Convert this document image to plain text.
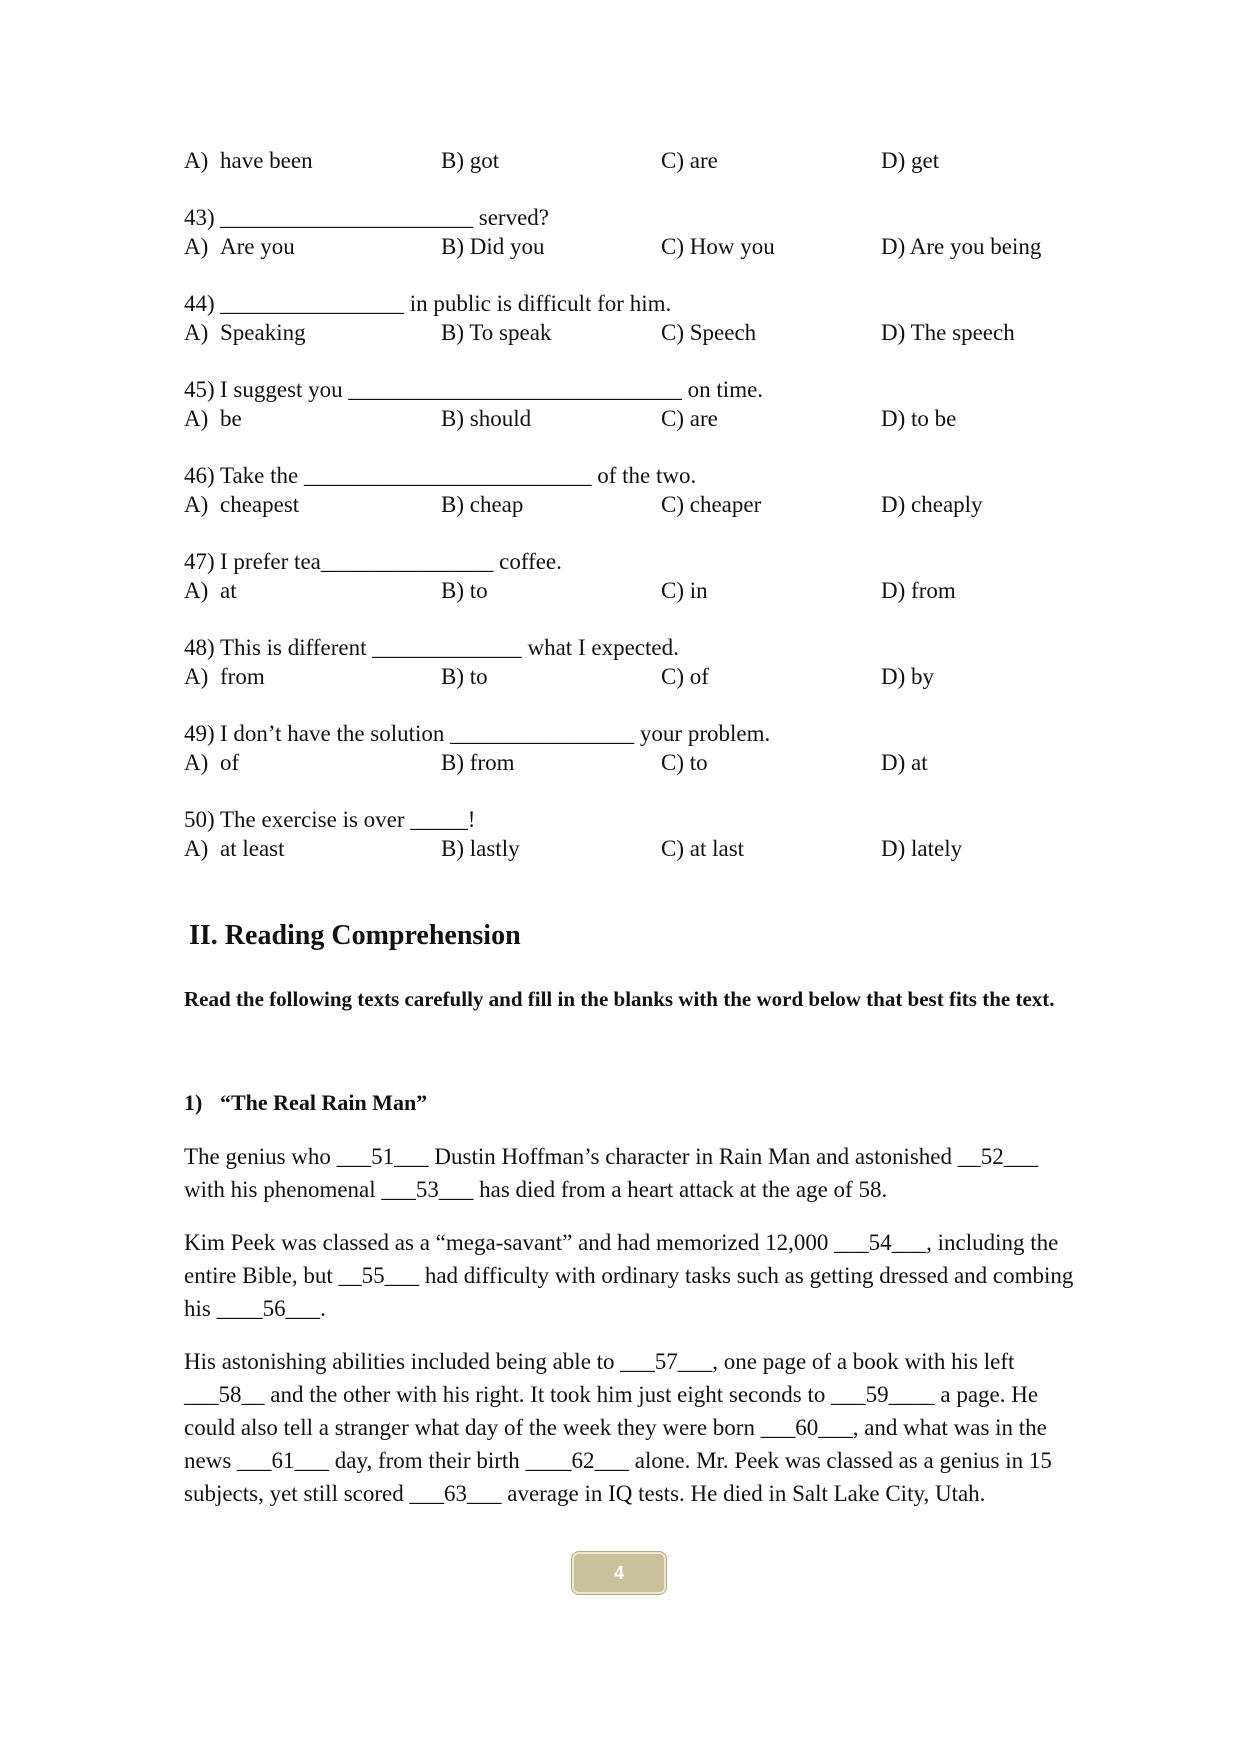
A) have been	B) got	C) are	D) get
43) ______________________ served?
A) Are you	B) Did you	C) How you	D) Are you being
44) ________________ in public is difficult for him.
A) Speaking	B) To speak	C) Speech	D) The speech
45) I suggest you _____________________________ on time.
A) be	B) should	C) are	D) to be
46) Take the _________________________ of the two.
A) cheapest	B) cheap	C) cheaper	D) cheaply
47) I prefer tea_______________ coffee.
A) at	B) to	C) in	D) from
48) This is different _____________ what I expected.
A) from	B) to	C) of	D) by
49) I don’t have the solution ________________ your problem.
A) of	B) from	C) to	D) at
50) The exercise is over _____!
A) at least	B) lastly	C) at last	D) lately
II. Reading Comprehension

Read the following texts carefully and fill in the blanks with the word below that best fits the text.

1) “The Real Rain Man”

The genius who ___51___ Dustin Hoffman’s character in Rain Man and astonished __52___ with his phenomenal ___53___ has died from a heart attack at the age of 58.

Kim Peek was classed as a “mega-savant” and had memorized 12,000 ___54___, including the entire Bible, but __55___ had difficulty with ordinary tasks such as getting dressed and combing his ____56___.

His astonishing abilities included being able to ___57___, one page of a book with his left ___58__ and the other with his right. It took him just eight seconds to ___59____ a page. He could also tell a stranger what day of the week they were born ___60___, and what was in the news ___61___ day, from their birth ____62___ alone. Mr. Peek was classed as a genius in 15 subjects, yet still scored ___63___ average in IQ tests. He died in Salt Lake City, Utah.

4
